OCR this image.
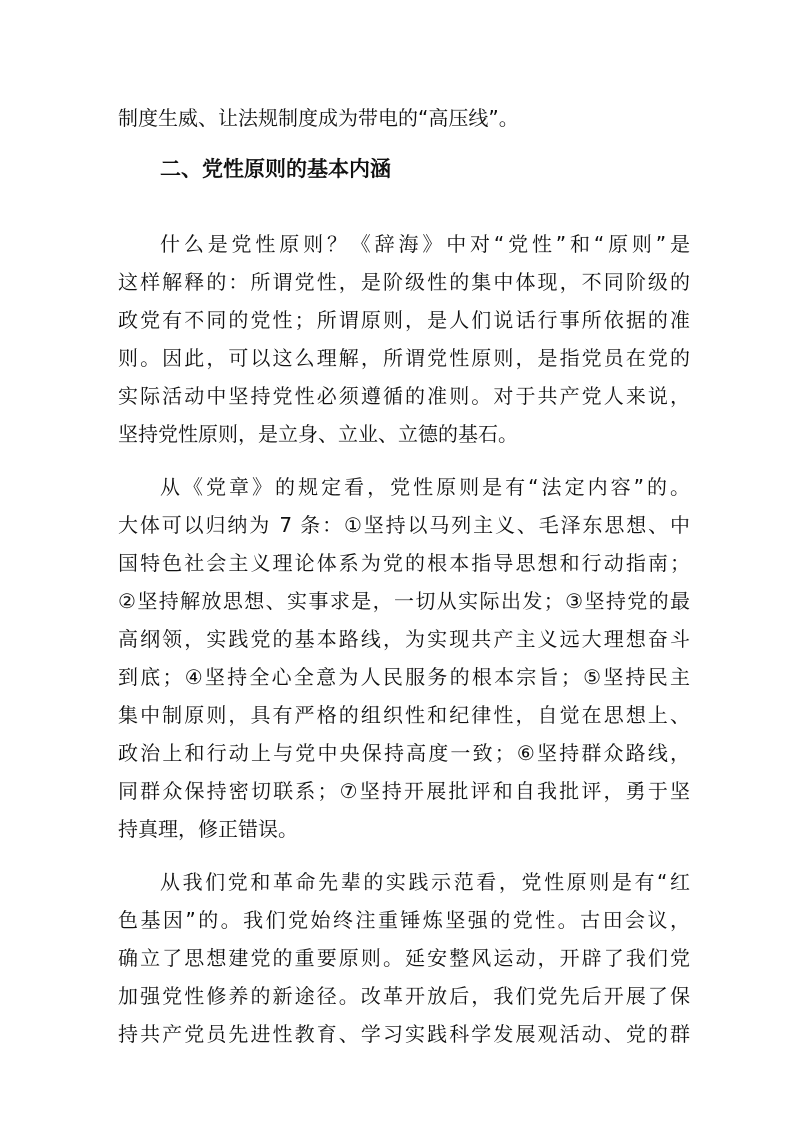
制度生威、让法规制度成为带电的“高压线”。
二、党性原则的基本内涵
什么是党性原则？《辞海》中对“党性”和“原则”是
这样解释的：所谓党性，是阶级性的集中体现，不同阶级的
政党有不同的党性；所谓原则，是人们说话行事所依据的准
则。因此，可以这么理解，所谓党性原则，是指党员在党的
实际活动中坚持党性必须遵循的准则。对于共产党人来说，
坚持党性原则，是立身、立业、立德的基石。
从《党章》的规定看，党性原则是有“法定内容”的。
大体可以归纳为 7 条：①坚持以马列主义、毛泽东思想、中
国特色社会主义理论体系为党的根本指导思想和行动指南；
②坚持解放思想、实事求是，一切从实际出发；③坚持党的最
高纲领，实践党的基本路线，为实现共产主义远大理想奋斗
到底；④坚持全心全意为人民服务的根本宗旨；⑤坚持民主
集中制原则，具有严格的组织性和纪律性，自觉在思想上、
政治上和行动上与党中央保持高度一致；⑥坚持群众路线，
同群众保持密切联系；⑦坚持开展批评和自我批评，勇于坚
持真理，修正错误。
从我们党和革命先辈的实践示范看，党性原则是有“红
色基因”的。我们党始终注重锤炼坚强的党性。古田会议，
确立了思想建党的重要原则。延安整风运动，开辟了我们党
加强党性修养的新途径。改革开放后，我们党先后开展了保
持共产党员先进性教育、学习实践科学发展观活动、党的群
